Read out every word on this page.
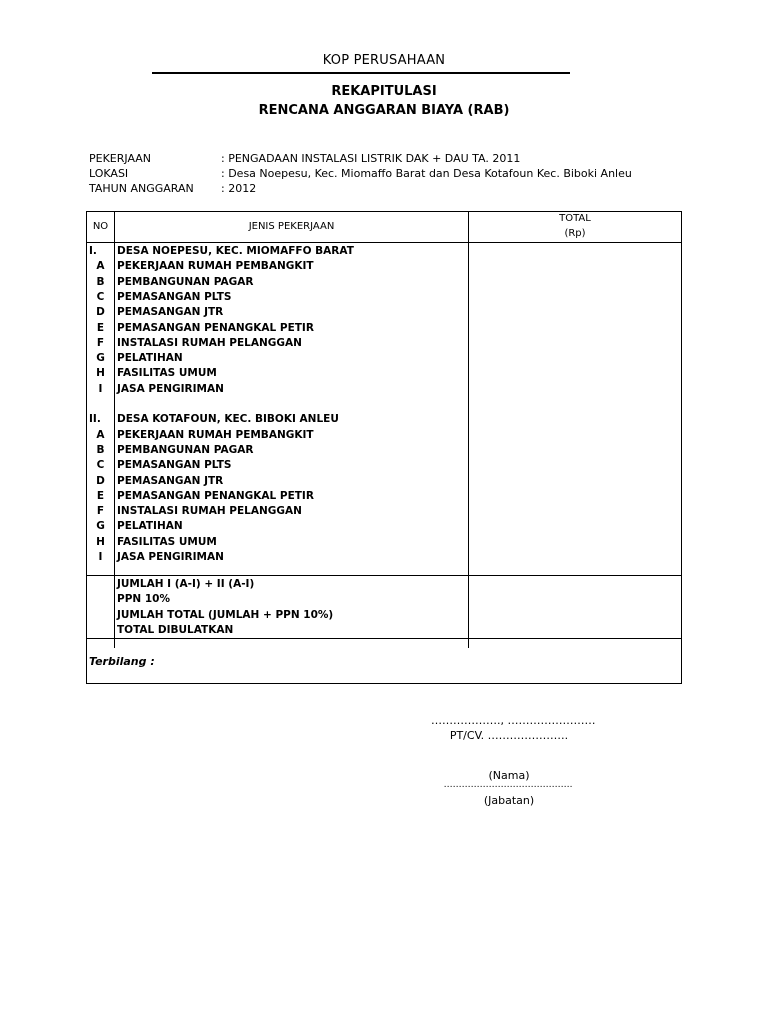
KOP PERUSAHAAN
REKAPITULASI
RENCANA ANGGARAN BIAYA (RAB)
PEKERJAAN	: PENGADAAN INSTALASI LISTRIK DAK + DAU TA. 2011
LOKASI	: Desa Noepesu, Kec. Miomaffo Barat dan Desa Kotafoun Kec. Biboki Anleu
TAHUN ANGGARAN : 2012
NO	JENIS PEKERJAAN
TOTAL
(Rp)
I. DESA NOEPESU, KEC. MIOMAFFO BARAT
A	PEKERJAAN RUMAH PEMBANGKIT
B	PEMBANGUNAN PAGAR
C	PEMASANGAN PLTS
D	PEMASANGAN JTR
E	PEMASANGAN PENANGKAL PETIR
F	INSTALASI RUMAH PELANGGAN
G	PELATIHAN
H	FASILITAS UMUM
I	JASA PENGIRIMAN
II. DESA KOTAFOUN, KEC. BIBOKI ANLEU
A	PEKERJAAN RUMAH PEMBANGKIT
B	PEMBANGUNAN PAGAR
C	PEMASANGAN PLTS
D	PEMASANGAN JTR
E	PEMASANGAN PENANGKAL PETIR
F	INSTALASI RUMAH PELANGGAN
G	PELATIHAN
H	FASILITAS UMUM
I	JASA PENGIRIMAN
JUMLAH I (A-I) + II (A-I)
PPN 10%
JUMLAH TOTAL (JUMLAH + PPN 10%)
TOTAL DIBULATKAN
Terbilang :
………………., ……………………
PT/CV. ………………….
(Nama)
…………………………………….
(Jabatan)
